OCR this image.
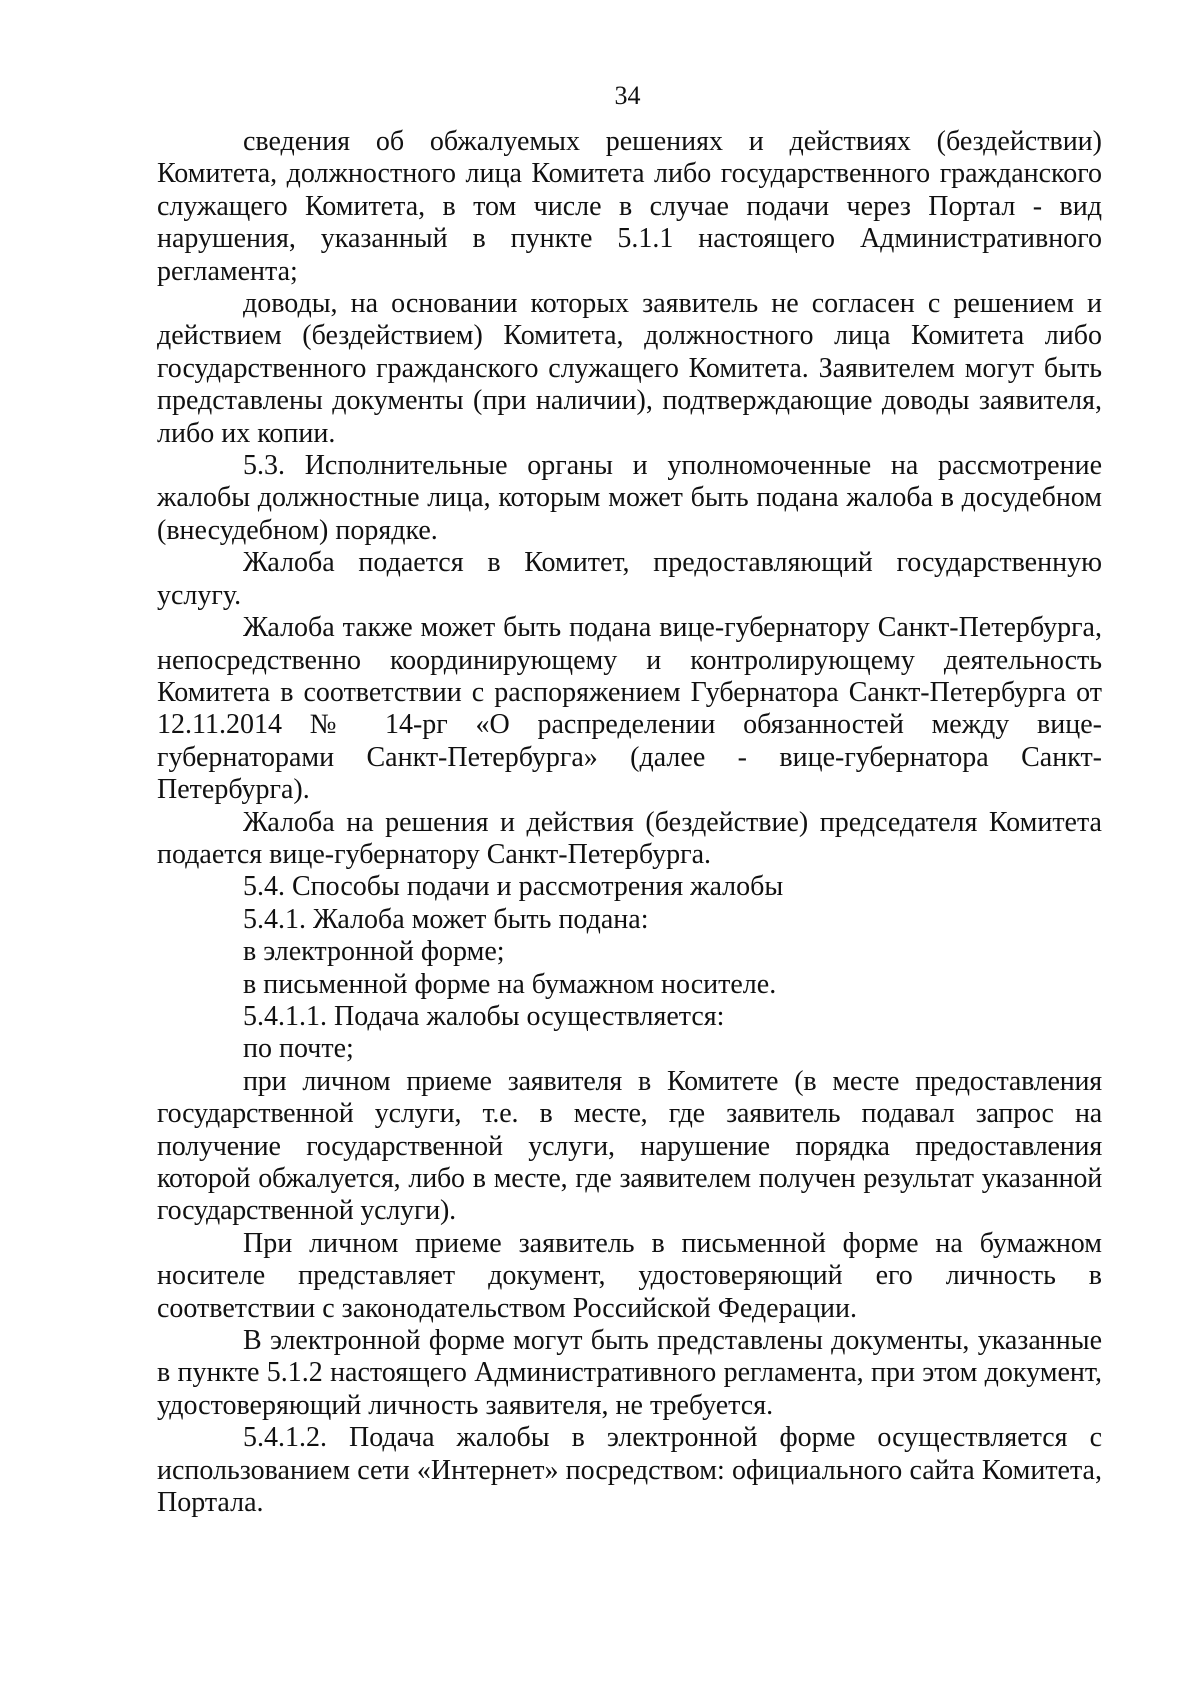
34

сведения об обжалуемых решениях и действиях (бездействии) Комитета, должностного лица Комитета либо государственного гражданского служащего Комитета, в том числе в случае подачи через Портал - вид нарушения, указанный в пункте 5.1.1 настоящего Административного регламента;

доводы, на основании которых заявитель не согласен с решением и действием (бездействием) Комитета, должностного лица Комитета либо государственного гражданского служащего Комитета. Заявителем могут быть представлены документы (при наличии), подтверждающие доводы заявителя, либо их копии.

5.3. Исполнительные органы и уполномоченные на рассмотрение жалобы должностные лица, которым может быть подана жалоба в досудебном (внесудебном) порядке.

Жалоба подается в Комитет, предоставляющий государственную услугу.

Жалоба также может быть подана вице-губернатору Санкт-Петербурга, непосредственно координирующему и контролирующему деятельность Комитета в соответствии с распоряжением Губернатора Санкт-Петербурга от 12.11.2014 № 14-рг «О распределении обязанностей между вице-губернаторами Санкт-Петербурга» (далее - вице-губернатора Санкт-Петербурга).

Жалоба на решения и действия (бездействие) председателя Комитета подается вице-губернатору Санкт-Петербурга.

5.4. Способы подачи и рассмотрения жалобы

5.4.1. Жалоба может быть подана:

в электронной форме;

в письменной форме на бумажном носителе.

5.4.1.1. Подача жалобы осуществляется:

по почте;

при личном приеме заявителя в Комитете (в месте предоставления государственной услуги, т.е. в месте, где заявитель подавал запрос на получение государственной услуги, нарушение порядка предоставления которой обжалуется, либо в месте, где заявителем получен результат указанной государственной услуги).

При личном приеме заявитель в письменной форме на бумажном носителе представляет документ, удостоверяющий его личность в соответствии с законодательством Российской Федерации.

В электронной форме могут быть представлены документы, указанные в пункте 5.1.2 настоящего Административного регламента, при этом документ, удостоверяющий личность заявителя, не требуется.

5.4.1.2. Подача жалобы в электронной форме осуществляется с использованием сети «Интернет» посредством: официального сайта Комитета, Портала.
